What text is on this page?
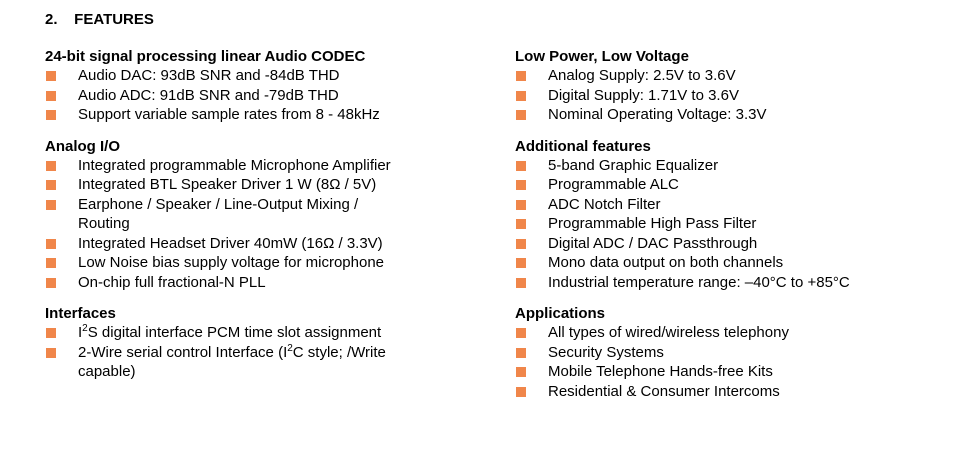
2.    FEATURES
24-bit signal processing linear Audio CODEC
Audio DAC: 93dB SNR and -84dB THD
Audio ADC: 91dB SNR and -79dB THD
Support variable sample rates from 8 - 48kHz
Analog I/O
Integrated programmable Microphone Amplifier
Integrated BTL Speaker Driver 1 W (8Ω / 5V)
Earphone / Speaker / Line-Output Mixing / Routing
Integrated Headset Driver 40mW (16Ω / 3.3V)
Low Noise bias supply voltage for microphone
On-chip full fractional-N PLL
Interfaces
$I^2S$ digital interface PCM time slot assignment
2-Wire serial control Interface ($I^2C$ style; /Write capable)
Low Power, Low Voltage
Analog Supply: 2.5V to 3.6V
Digital Supply: 1.71V to 3.6V
Nominal Operating Voltage: 3.3V
Additional features
5-band Graphic Equalizer
Programmable ALC
ADC Notch Filter
Programmable High Pass Filter
Digital ADC / DAC Passthrough
Mono data output on both channels
Industrial temperature range: –40°C to +85°C
Applications
All types of wired/wireless telephony
Security Systems
Mobile Telephone Hands-free Kits
Residential & Consumer Intercoms
